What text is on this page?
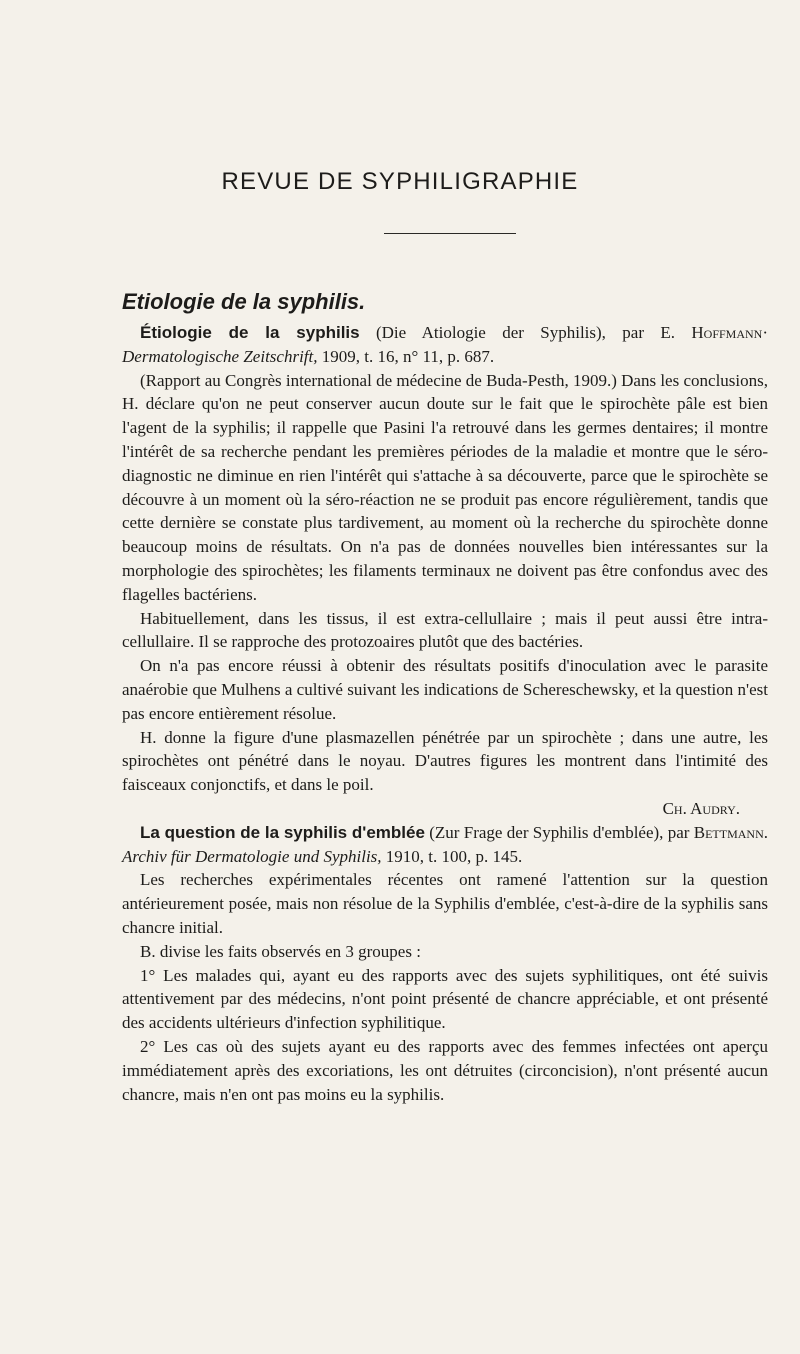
REVUE DE SYPHILIGRAPHIE
Etiologie de la syphilis.

Étiologie de la syphilis (Die Atiologie der Syphilis), par E. Hoffmann· Dermatologische Zeitschrift, 1909, t. 16, n° 11, p. 687.

(Rapport au Congrès international de médecine de Buda-Pesth, 1909.) Dans les conclusions, H. déclare qu'on ne peut conserver aucun doute sur le fait que le spirochète pâle est bien l'agent de la syphilis; il rappelle que Pasini l'a retrouvé dans les germes dentaires; il montre l'intérêt de sa recherche pendant les premières périodes de la maladie et montre que le séro-diagnostic ne diminue en rien l'intérêt qui s'attache à sa découverte, parce que le spirochète se découvre à un moment où la séro-réaction ne se produit pas encore régulièrement, tandis que cette dernière se constate plus tardivement, au moment où la recherche du spirochète donne beaucoup moins de résultats. On n'a pas de données nouvelles bien intéressantes sur la morphologie des spirochètes; les filaments terminaux ne doivent pas être confondus avec des flagelles bactériens.

Habituellement, dans les tissus, il est extra-cellullaire ; mais il peut aussi être intra-cellullaire. Il se rapproche des protozoaires plutôt que des bactéries.

On n'a pas encore réussi à obtenir des résultats positifs d'inoculation avec le parasite anaérobie que Mulhens a cultivé suivant les indications de Schereschewsky, et la question n'est pas encore entièrement résolue.

H. donne la figure d'une plasmazellen pénétrée par un spirochète ; dans une autre, les spirochètes ont pénétré dans le noyau. D'autres figures les montrent dans l'intimité des faisceaux conjonctifs, et dans le poil.

Ch. Audry.

La question de la syphilis d'emblée (Zur Frage der Syphilis d'emblée), par Bettmann. Archiv für Dermatologie und Syphilis, 1910, t. 100, p. 145.

Les recherches expérimentales récentes ont ramené l'attention sur la question antérieurement posée, mais non résolue de la Syphilis d'emblée, c'est-à-dire de la syphilis sans chancre initial.

B. divise les faits observés en 3 groupes :

1° Les malades qui, ayant eu des rapports avec des sujets syphilitiques, ont été suivis attentivement par des médecins, n'ont point présenté de chancre appréciable, et ont présenté des accidents ultérieurs d'infection syphilitique.

2° Les cas où des sujets ayant eu des rapports avec des femmes infectées ont aperçu immédiatement après des excoriations, les ont détruites (circoncision), n'ont présenté aucun chancre, mais n'en ont pas moins eu la syphilis.
